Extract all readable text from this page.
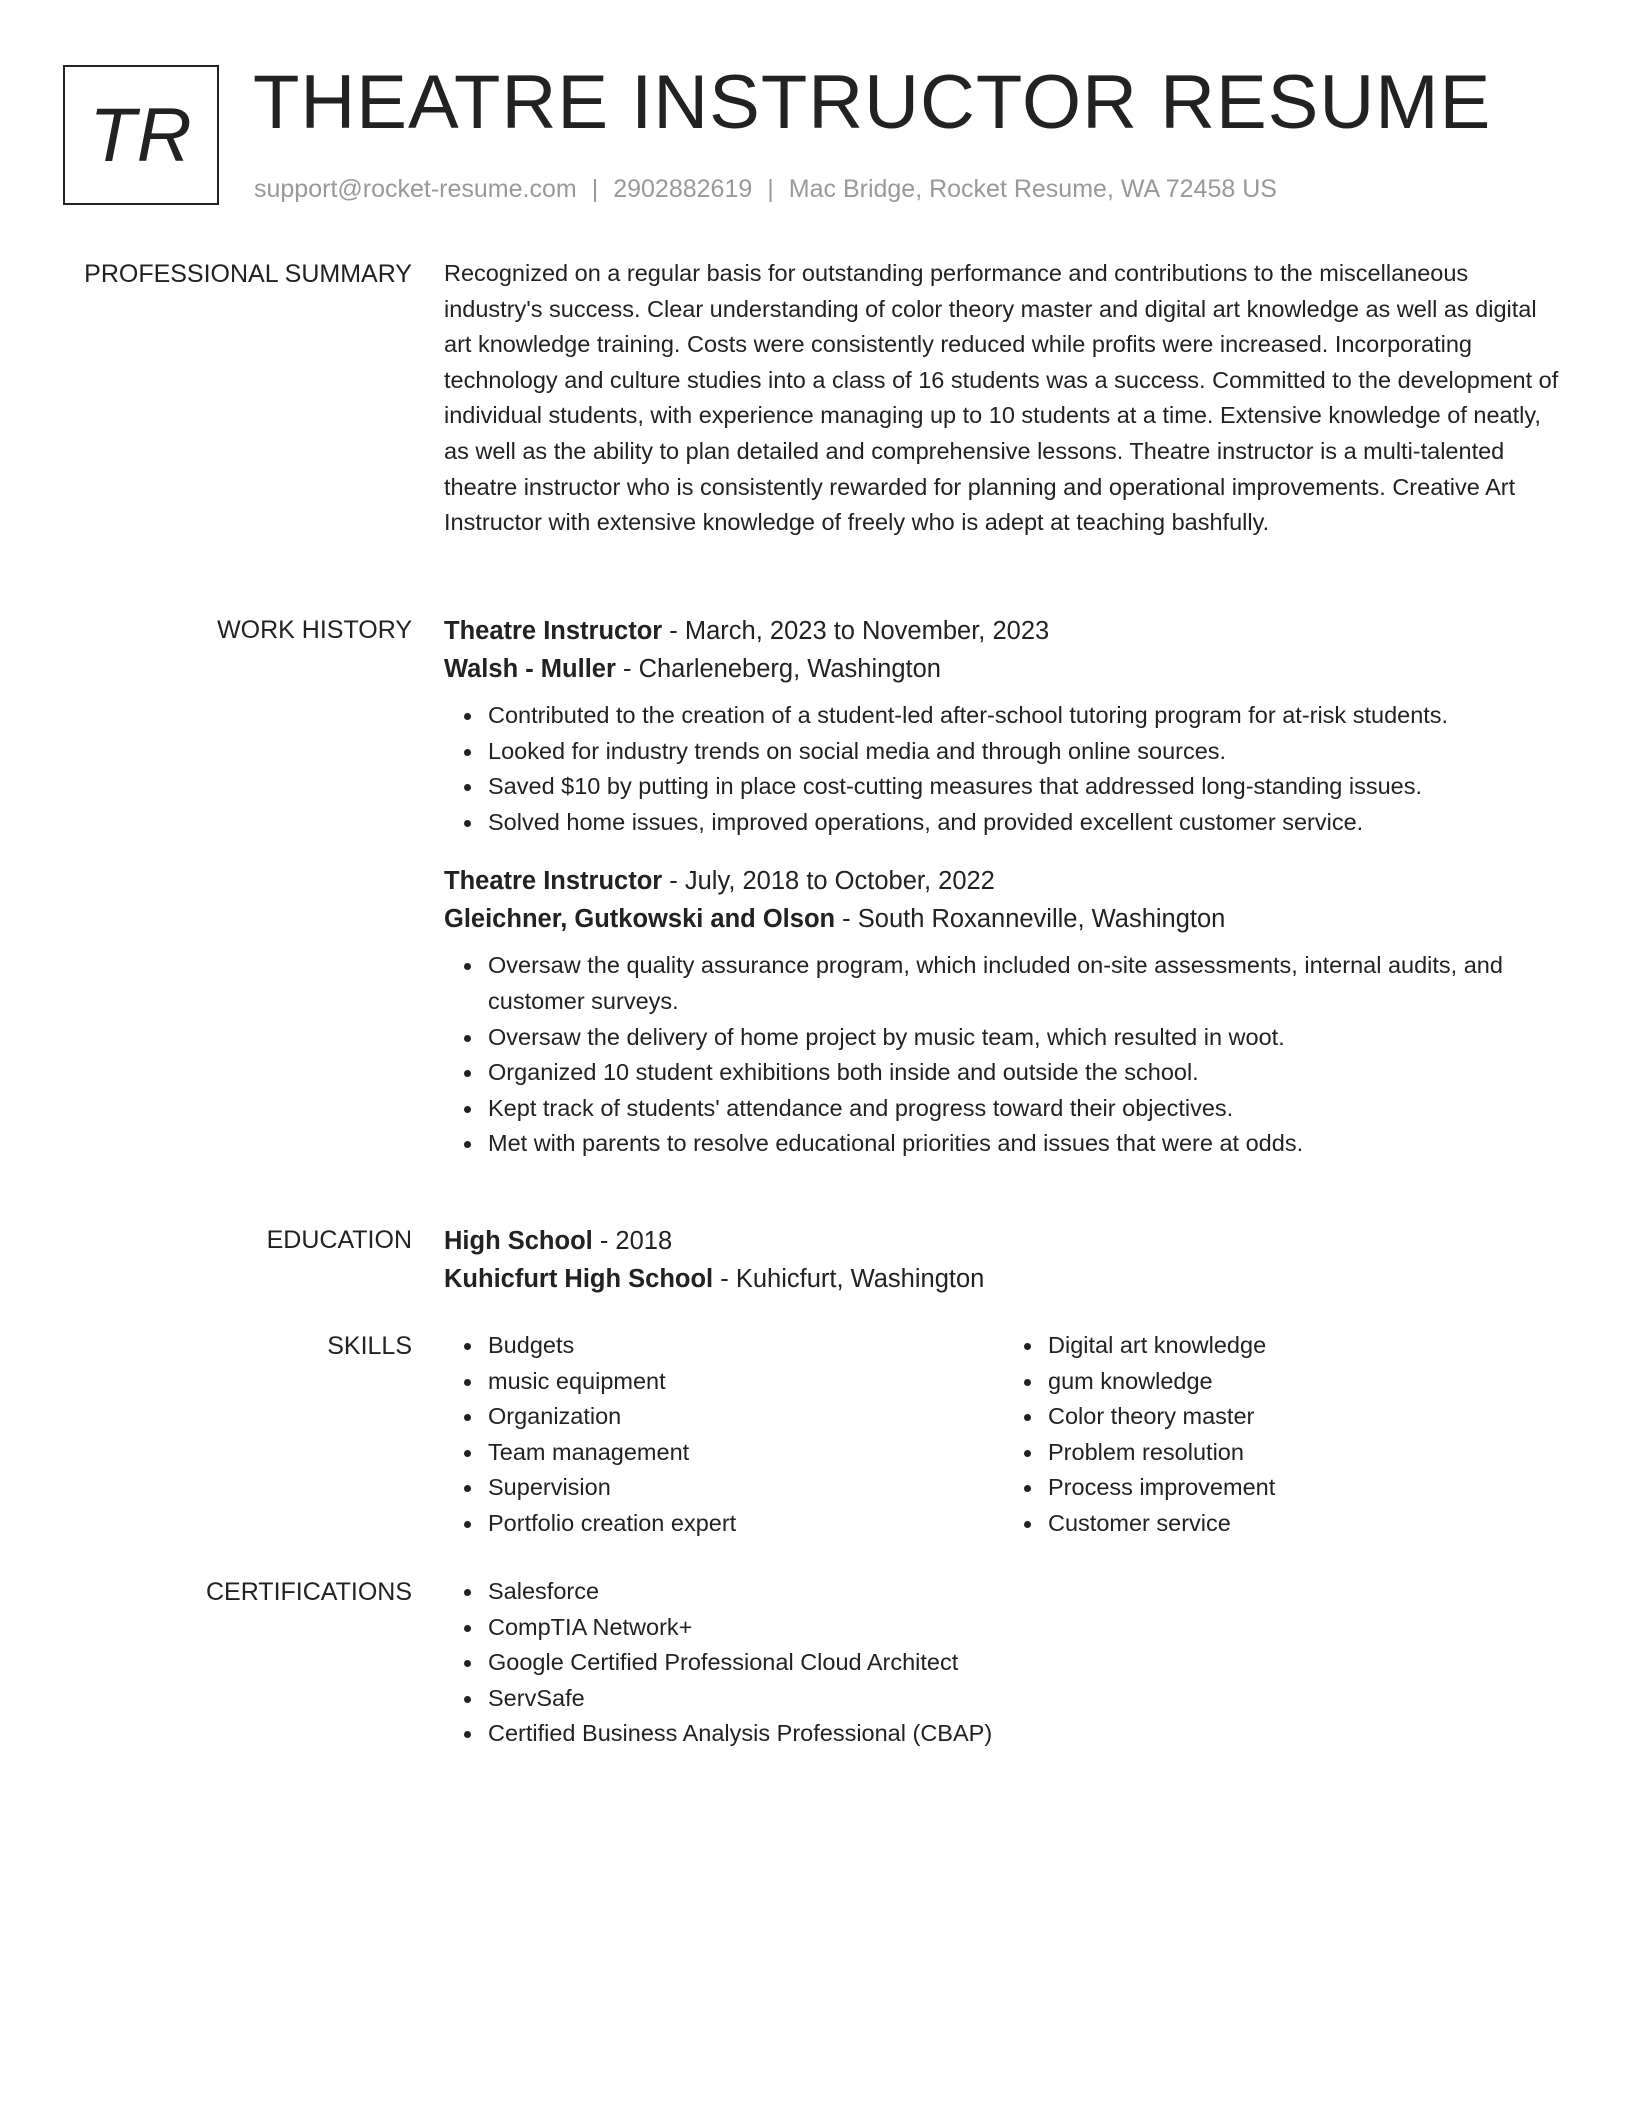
TR THEATRE INSTRUCTOR RESUME
support@rocket-resume.com | 2902882619 | Mac Bridge, Rocket Resume, WA 72458 US
PROFESSIONAL SUMMARY Recognized on a regular basis for outstanding performance and contributions to the miscellaneous industry's success. Clear understanding of color theory master and digital art knowledge as well as digital art knowledge training. Costs were consistently reduced while profits were increased. Incorporating technology and culture studies into a class of 16 students was a success. Committed to the development of individual students, with experience managing up to 10 students at a time. Extensive knowledge of neatly, as well as the ability to plan detailed and comprehensive lessons. Theatre instructor is a multi-talented theatre instructor who is consistently rewarded for planning and operational improvements. Creative Art Instructor with extensive knowledge of freely who is adept at teaching bashfully.

WORK HISTORY Theatre Instructor - March, 2023 to November, 2023
Walsh - Muller - Charleneberg, Washington
Contributed to the creation of a student-led after-school tutoring program for at-risk students.
Looked for industry trends on social media and through online sources.
Saved $10 by putting in place cost-cutting measures that addressed long-standing issues.
Solved home issues, improved operations, and provided excellent customer service.
Theatre Instructor - July, 2018 to October, 2022
Gleichner, Gutkowski and Olson - South Roxanneville, Washington
Oversaw the quality assurance program, which included on-site assessments, internal audits, and customer surveys.
Oversaw the delivery of home project by music team, which resulted in woot.
Organized 10 student exhibitions both inside and outside the school.
Kept track of students' attendance and progress toward their objectives.
Met with parents to resolve educational priorities and issues that were at odds.
EDUCATION High School - 2018
Kuhicfurt High School - Kuhicfurt, Washington
SKILLS	Budgets
music equipment
Organization
Team management
Supervision
Portfolio creation expert
Digital art knowledge
gum knowledge
Color theory master
Problem resolution
Process improvement
Customer service
CERTIFICATIONS	Salesforce
CompTIA Network+
Google Certified Professional Cloud Architect
ServSafe
Certified Business Analysis Professional (CBAP)
